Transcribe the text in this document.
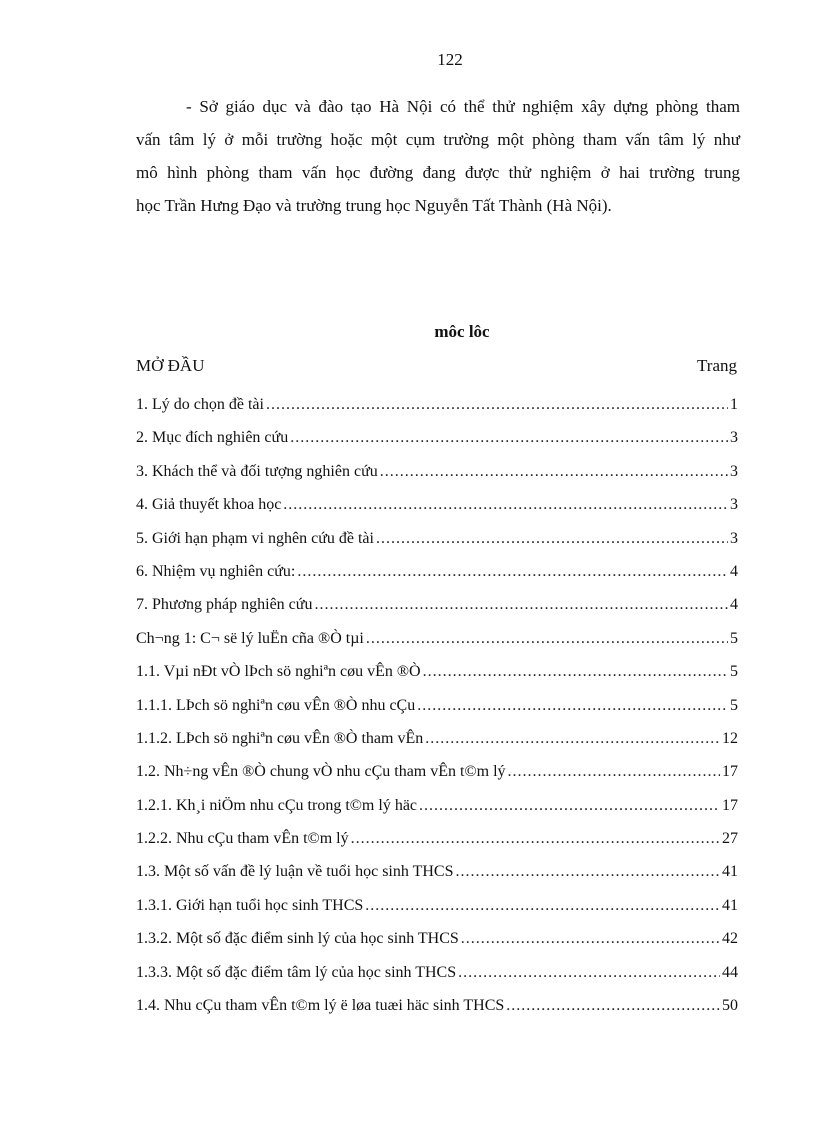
122
- Sở giáo dục và đào tạo Hà Nội có thể thử nghiệm xây dựng phòng tham
vấn tâm lý ở mỗi trường hoặc một cụm trường một phòng tham vấn tâm lý như
mô hình phòng tham vấn học đường đang được thử nghiệm ở hai trường trung
học Trần Hưng Đạo và trường trung học Nguyễn Tất Thành (Hà Nội).
môc lôc
MỞ ĐẦU	Trang
1. Lý do chọn đề tài .....	1
2. Mục đích nghiên cứu .....	3
3. Khách thể và đối tượng nghiên cứu .....	3
4. Giả thuyết khoa học .....	3
5. Giới hạn phạm vi nghên cứu đề tài .....	3
6. Nhiệm vụ nghiên cứu: .....	4
7. Phương pháp nghiên cứu .....	4
Ch¬ng 1: C¬ së lý luËn cña ®Ò tµi .....	5
1.1. Vµi nÐt vÒ lÞch sö nghiªn cøu vÊn ®Ò .....	5
1.1.1. LÞch sö nghiªn cøu vÊn ®Ò nhu cÇu .....	5
1.1.2. LÞch sö nghiªn cøu vÊn ®Ò tham vÊn .....	12
1.2. Nh÷ng vÊn ®Ò chung vÒ nhu cÇu tham vÊn t©m lý .....	17
1.2.1. Kh¸i niÖm nhu cÇu trong t©m lý häc .....	17
1.2.2. Nhu cÇu tham vÊn t©m lý .....	27
1.3. Một số vấn đề lý luận về tuổi học sinh THCS .....	41
1.3.1. Giới hạn tuổi học sinh THCS .....	41
1.3.2. Một số đặc điểm sinh lý của học sinh THCS .....	42
1.3.3. Một số đặc điểm tâm lý của học sinh THCS .....	44
1.4. Nhu cÇu tham vÊn t©m lý ë løa tuæi häc sinh THCS .....	50
